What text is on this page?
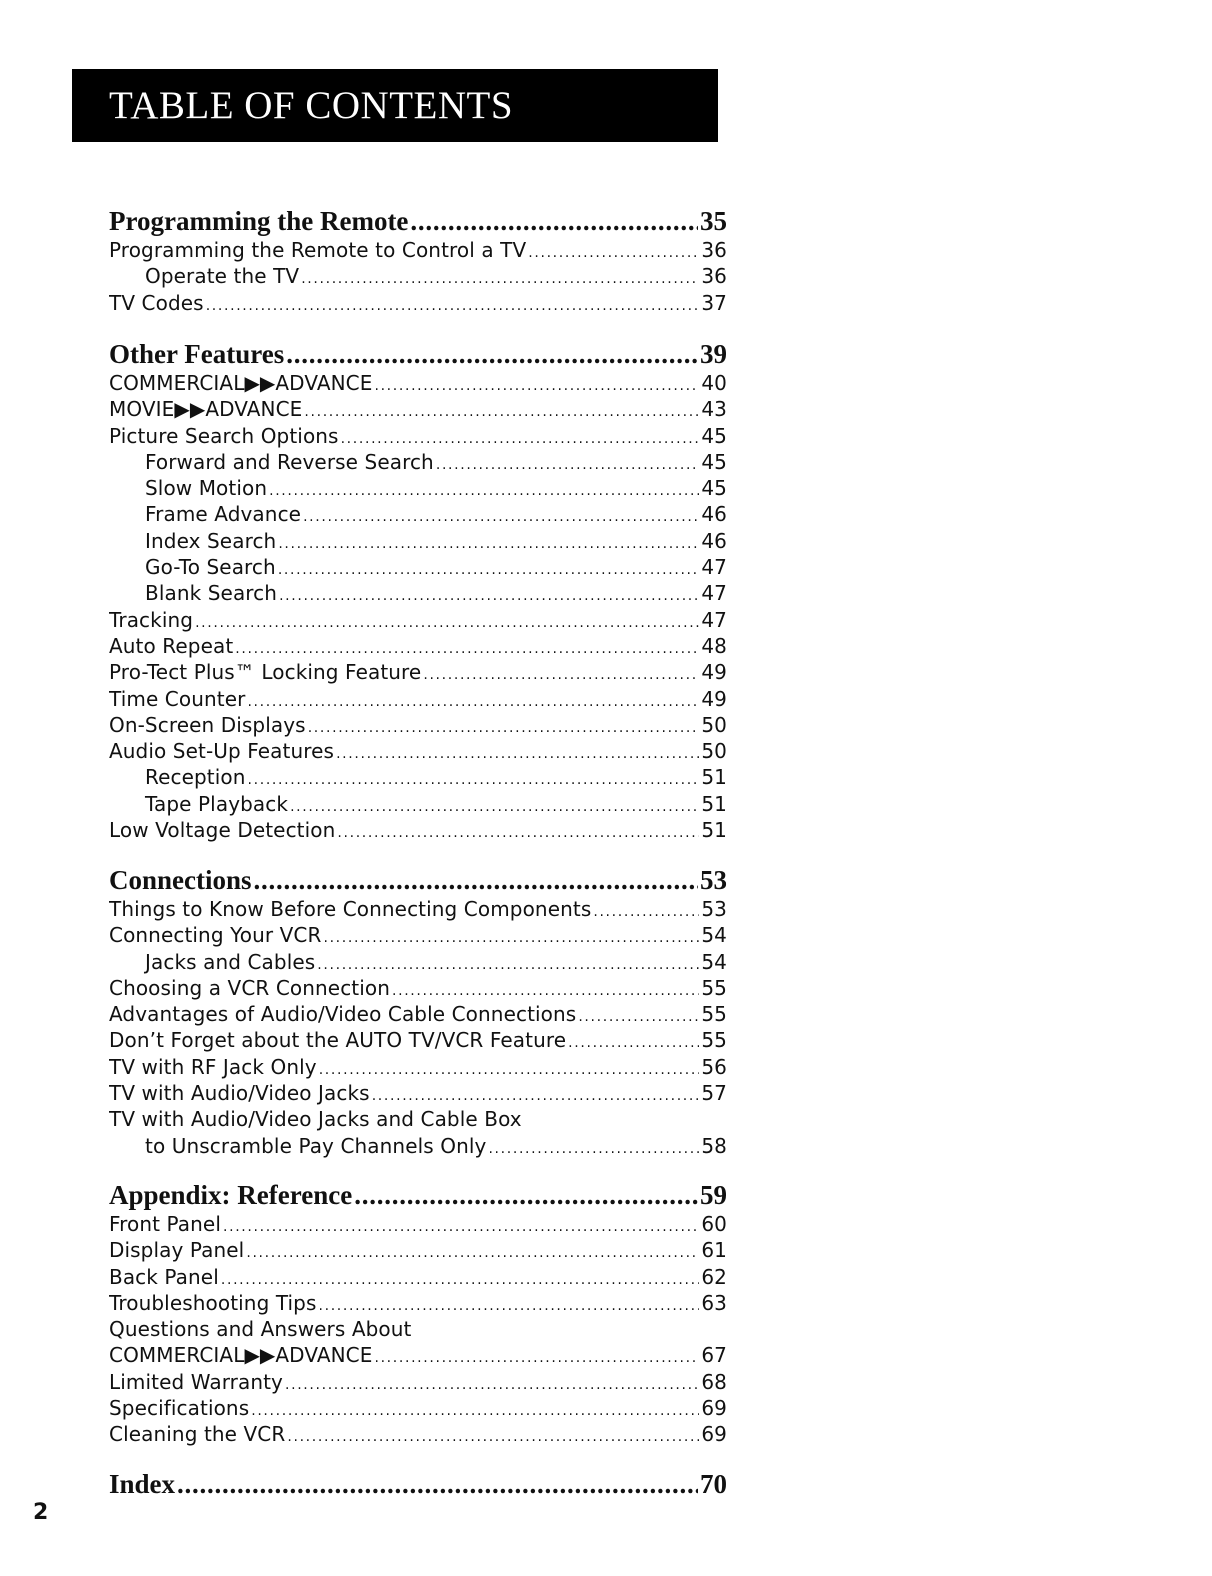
TABLE OF CONTENTS
Programming the Remote . . .	35
Programming the Remote to Control a TV . . .	36
Operate the TV . . .	36
TV Codes . . .	37
Other Features . . .	39
COMMERCIAL▶▶ADVANCE . . .	40
MOVIE▶▶ADVANCE . . .	43
Picture Search Options . . .	45
Forward and Reverse Search . . .	45
Slow Motion . . .	45
Frame Advance . . .	46
Index Search . . .	46
Go-To Search . . .	47
Blank Search . . .	47
Tracking . . .	47
Auto Repeat . . .	48
Pro-Tect Plus™ Locking Feature . . .	49
Time Counter . . .	49
On-Screen Displays . . .	50
Audio Set-Up Features . . .	50
Reception . . .	51
Tape Playback . . .	51
Low Voltage Detection . . .	51
Connections . . .	53
Things to Know Before Connecting Components . . .	53
Connecting Your VCR . . .	54
Jacks and Cables . . .	54
Choosing a VCR Connection . . .	55
Advantages of Audio/Video Cable Connections . . .	55
Don’t Forget about the AUTO TV/VCR Feature . . .	55
TV with RF Jack Only . . .	56
TV with Audio/Video Jacks . . .	57
TV with Audio/Video Jacks and Cable Box
to Unscramble Pay Channels Only . . .	58
Appendix: Reference . . .	59
Front Panel . . .	60
Display Panel . . .	61
Back Panel . . .	62
Troubleshooting Tips . . .	63
Questions and Answers About
COMMERCIAL▶▶ADVANCE . . .	67
Limited Warranty . . .	68
Specifications . . .	69
Cleaning the VCR . . .	69
Index . . .	70
2
